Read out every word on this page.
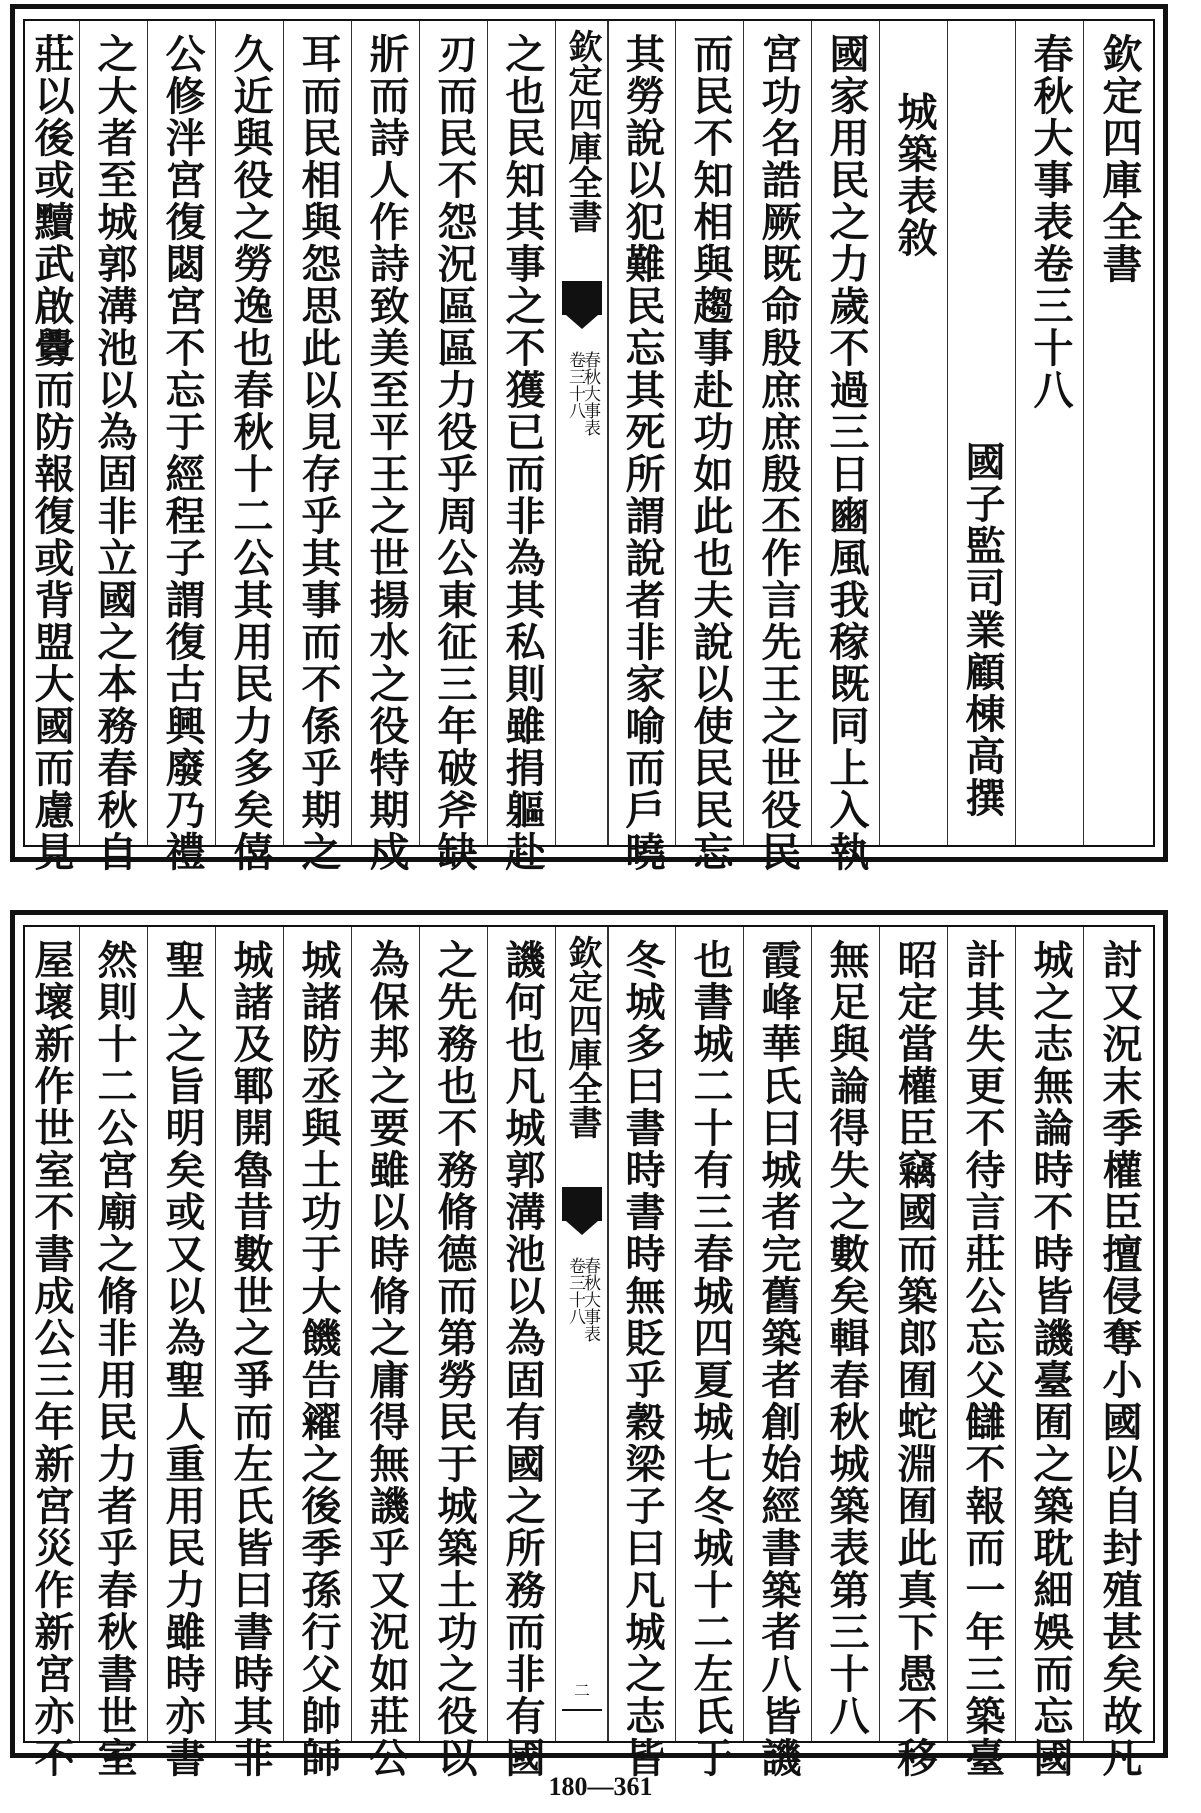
欽定四庫全書
春秋大事表卷三十八
國子監司業顧棟高撰
城築表敘
國家用民之力歲不過三日豳風我稼既同上入執
宮功名誥厥既命殷庶庶殷丕作言先王之世役民
而民不知相與趨事赴功如此也夫說以使民民忘
其勞說以犯難民忘其死所謂說者非家喻而戶曉
欽定四庫全書
春秋大事表
卷三十八
之也民知其事之不獲已而非為其私則雖捐軀赴
刃而民不怨況區區力役乎周公東征三年破斧缺
斨而詩人作詩致美至平王之世揚水之役特期戍
耳而民相與怨思此以見存乎其事而不係乎期之
久近與役之勞逸也春秋十二公其用民力多矣僖
公修泮宮復閟宮不忘于經程子謂復古興廢乃禮
之大者至城郭溝池以為固非立國之本務春秋自
莊以後或黷武啟釁而防報復或背盟大國而慮見
討又況末季權臣擅侵奪小國以自封殖甚矣故凡
城之志無論時不時皆譏臺囿之築耽細娛而忘國
計其失更不待言莊公忘父讎不報而一年三築臺
昭定當權臣竊國而築郎囿蛇淵囿此真下愚不移
無足與論得失之數矣輯春秋城築表第三十八
霞峰華氏曰城者完舊築者創始經書築者八皆譏
也書城二十有三春城四夏城七冬城十二左氏于
冬城多曰書時書時無貶乎穀梁子曰凡城之志皆
欽定四庫全書
春秋大事表
卷三十八
二
譏何也凡城郭溝池以為固有國之所務而非有國
之先務也不務脩德而第勞民于城築土功之役以
為保邦之要雖以時脩之庸得無譏乎又況如莊公
城諸防丞與土功于大饑告糴之後季孫行父帥師
城諸及鄆開魯昔數世之爭而左氏皆曰書時其非
聖人之旨明矣或又以為聖人重用民力雖時亦書
然則十二公宮廟之脩非用民力者乎春秋書世室
屋壞新作世室不書成公三年新宮災作新宮亦不
180—361
